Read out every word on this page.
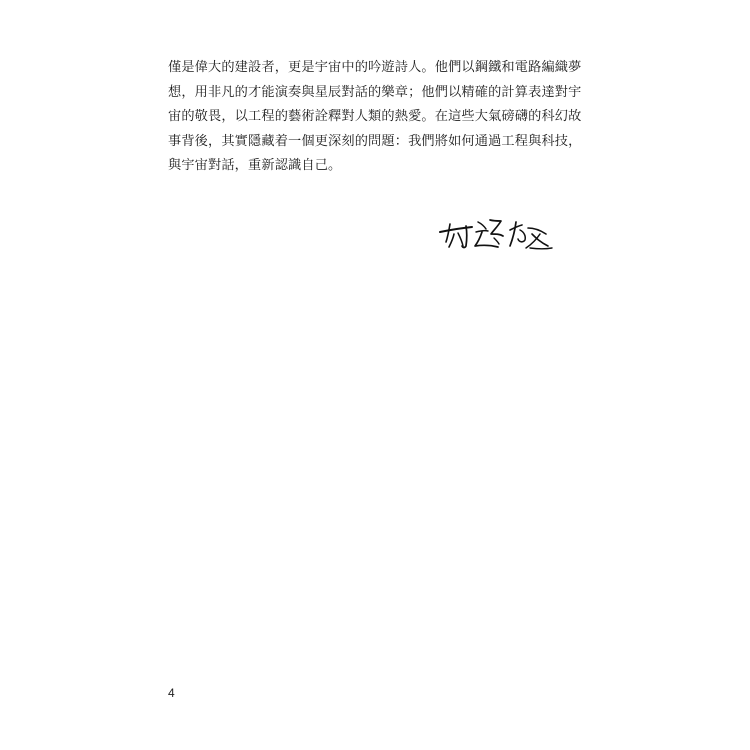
僅是偉大的建設者，更是宇宙中的吟遊詩人。他們以鋼鐵和電路編織夢
想，用非凡的才能演奏與星辰對話的樂章；他們以精確的計算表達對宇
宙的敬畏，以工程的藝術詮釋對人類的熱愛。在這些大氣磅礴的科幻故
事背後，其實隱藏着一個更深刻的問題：我們將如何通過工程與科技，
與宇宙對話，重新認識自己。
4
